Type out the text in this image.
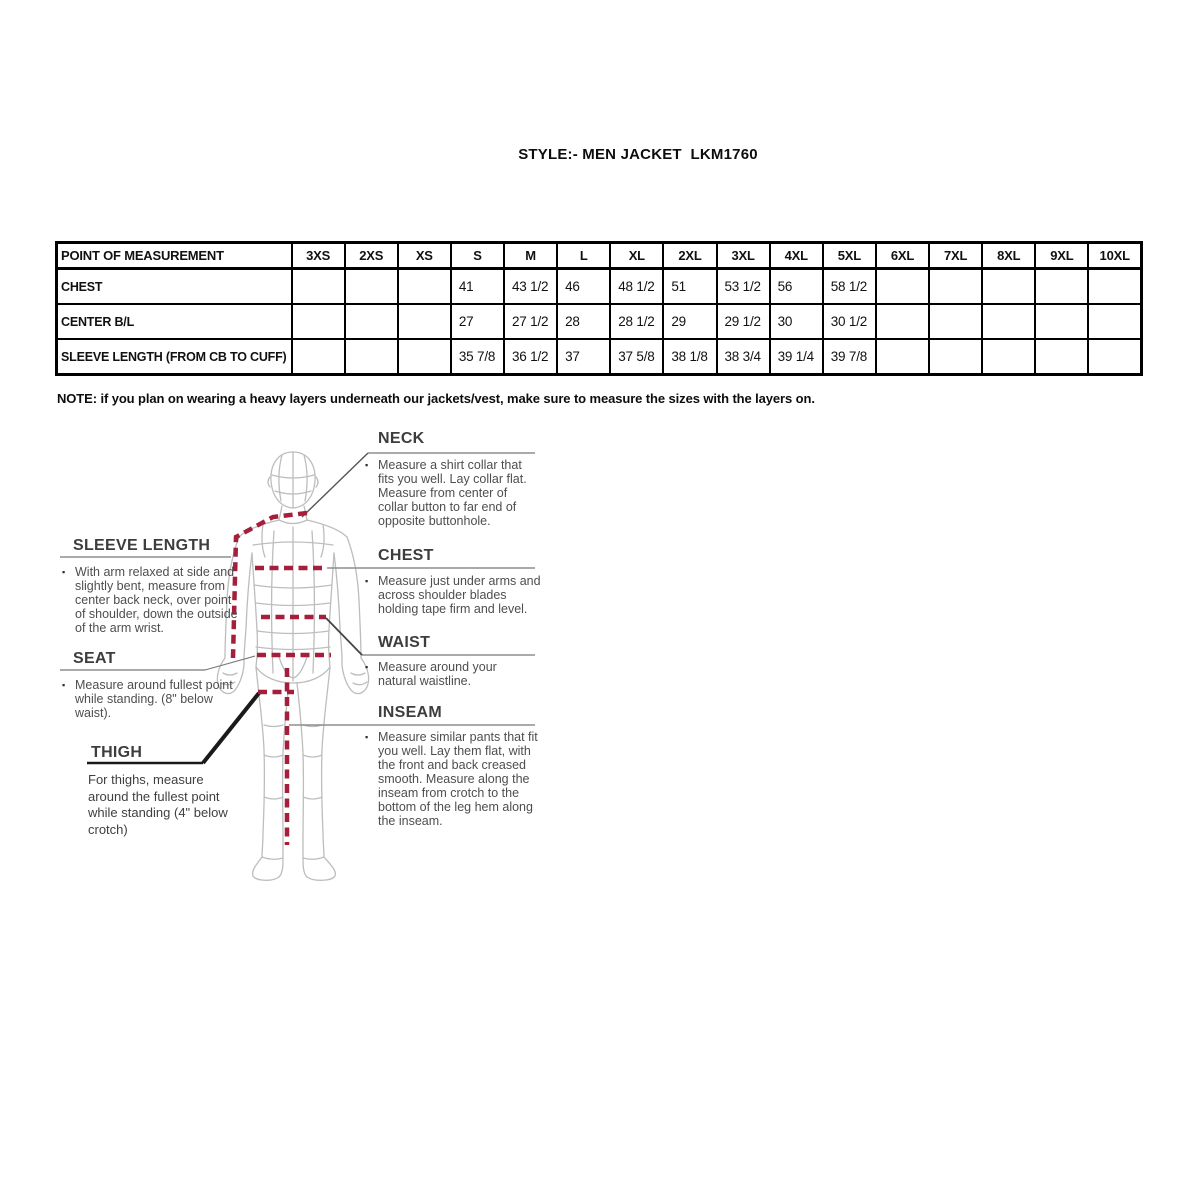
STYLE:- MEN JACKET  LKM1760
POINT OF MEASUREMENT	3XS	2XS	XS	S	M	L	XL	2XL	3XL	4XL	5XL	6XL	7XL	8XL	9XL	10XL
CHEST				41	43 1/2	46	48 1/2	51	53 1/2	56	58 1/2					
CENTER B/L				27	27 1/2	28	28 1/2	29	29 1/2	30	30 1/2					
SLEEVE LENGTH (FROM CB TO CUFF)				35 7/8	36 1/2	37	37 5/8	38 1/8	38 3/4	39 1/4	39 7/8					
NOTE: if you plan on wearing a heavy layers underneath our jackets/vest, make sure to measure the sizes with the layers on.
NECK
▪ Measure a shirt collar that fits you well. Lay collar flat. Measure from center of collar button to far end of opposite buttonhole.
CHEST
▪ Measure just under arms and across shoulder blades holding tape firm and level.
WAIST
▪ Measure around your natural waistline.
INSEAM
▪ Measure similar pants that fit you well. Lay them flat, with the front and back creased smooth. Measure along the inseam from crotch to the bottom of the leg hem along the inseam.
SLEEVE LENGTH
▪ With arm relaxed at side and slightly bent, measure from center back neck, over point of shoulder, down the outside of the arm wrist.
SEAT
▪ Measure around fullest point while standing. (8" below waist).
THIGH
For thighs, measure around the fullest point while standing (4" below crotch)
